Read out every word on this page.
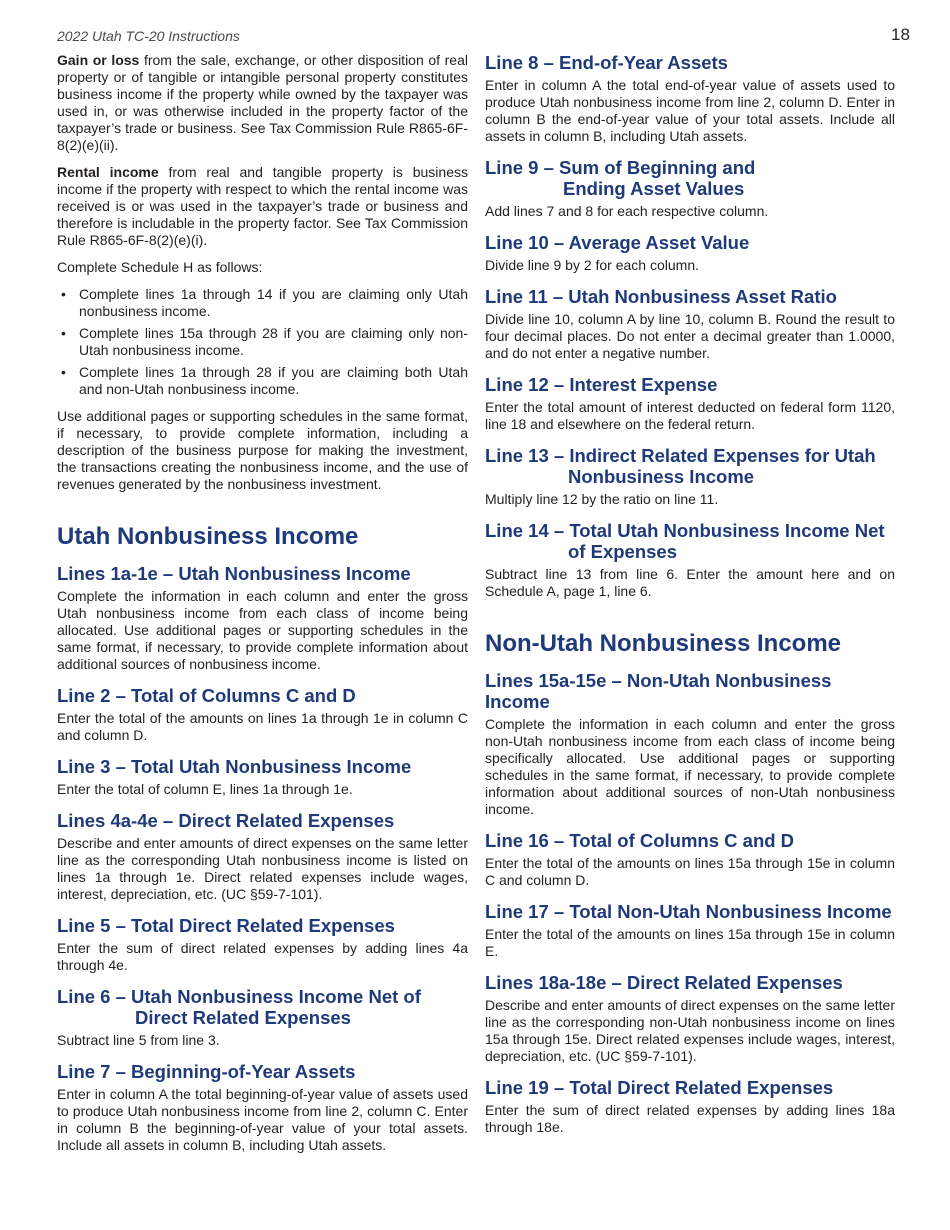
2022 Utah TC-20 Instructions	18

Gain or loss from the sale, exchange, or other disposition of real property or of tangible or intangible personal property constitutes business income if the property while owned by the taxpayer was used in, or was otherwise included in the property factor of the taxpayer’s trade or business. See Tax Commission Rule R865-6F-8(2)(e)(ii).

Rental income from real and tangible property is business income if the property with respect to which the rental income was received is or was used in the taxpayer’s trade or business and therefore is includable in the property factor. See Tax Commission Rule R865-6F-8(2)(e)(i).

Complete Schedule H as follows:

• Complete lines 1a through 14 if you are claiming only Utah nonbusiness income.
• Complete lines 15a through 28 if you are claiming only non-Utah nonbusiness income.
• Complete lines 1a through 28 if you are claiming both Utah and non-Utah nonbusiness income.

Use additional pages or supporting schedules in the same format, if necessary, to provide complete information, including a description of the business purpose for making the investment, the transactions creating the nonbusiness income, and the use of revenues generated by the nonbusiness investment.

Utah Nonbusiness Income
Lines 1a-1e – Utah Nonbusiness Income

Complete the information in each column and enter the gross Utah nonbusiness income from each class of income being allocated. Use additional pages or supporting schedules in the same format, if necessary, to provide complete information about additional sources of nonbusiness income.

Line 2 – Total of Columns C and D

Enter the total of the amounts on lines 1a through 1e in column C and column D.

Line 3 – Total Utah Nonbusiness Income

Enter the total of column E, lines 1a through 1e.

Lines 4a-4e – Direct Related Expenses

Describe and enter amounts of direct expenses on the same letter line as the corresponding Utah nonbusiness income is listed on lines 1a through 1e. Direct related expenses include wages, interest, depreciation, etc. (UC §59-7-101).

Line 5 – Total Direct Related Expenses

Enter the sum of direct related expenses by adding lines 4a through 4e.

Line 6 – Utah Nonbusiness Income Net of
Direct Related Expenses

Subtract line 5 from line 3.

Line 7 – Beginning-of-Year Assets

Enter in column A the total beginning-of-year value of assets used to produce Utah nonbusiness income from line 2, column C. Enter in column B the beginning-of-year value of your total assets. Include all assets in column B, including Utah assets.

Line 8 – End-of-Year Assets

Enter in column A the total end-of-year value of assets used to produce Utah nonbusiness income from line 2, column D. Enter in column B the end-of-year value of your total assets. Include all assets in column B, including Utah assets.

Line 9 – Sum of Beginning and
Ending Asset Values

Add lines 7 and 8 for each respective column.

Line 10 – Average Asset Value

Divide line 9 by 2 for each column.

Line 11 – Utah Nonbusiness Asset Ratio

Divide line 10, column A by line 10, column B. Round the result to four decimal places. Do not enter a decimal greater than 1.0000, and do not enter a negative number.

Line 12 – Interest Expense

Enter the total amount of interest deducted on federal form 1120, line 18 and elsewhere on the federal return.

Line 13 – Indirect Related Expenses for Utah
Nonbusiness Income

Multiply line 12 by the ratio on line 11.

Line 14 – Total Utah Nonbusiness Income Net
of Expenses

Subtract line 13 from line 6. Enter the amount here and on Schedule A, page 1, line 6.

Non-Utah Nonbusiness Income
Lines 15a-15e – Non-Utah Nonbusiness Income

Complete the information in each column and enter the gross non-Utah nonbusiness income from each class of income being specifically allocated. Use additional pages or supporting schedules in the same format, if necessary, to provide complete information about additional sources of non-Utah nonbusiness income.

Line 16 – Total of Columns C and D

Enter the total of the amounts on lines 15a through 15e in column C and column D.

Line 17 – Total Non-Utah Nonbusiness Income

Enter the total of the amounts on lines 15a through 15e in column E.

Lines 18a-18e – Direct Related Expenses

Describe and enter amounts of direct expenses on the same letter line as the corresponding non-Utah nonbusiness income on lines 15a through 15e. Direct related expenses include wages, interest, depreciation, etc. (UC §59-7-101).

Line 19 – Total Direct Related Expenses

Enter the sum of direct related expenses by adding lines 18a through 18e.
